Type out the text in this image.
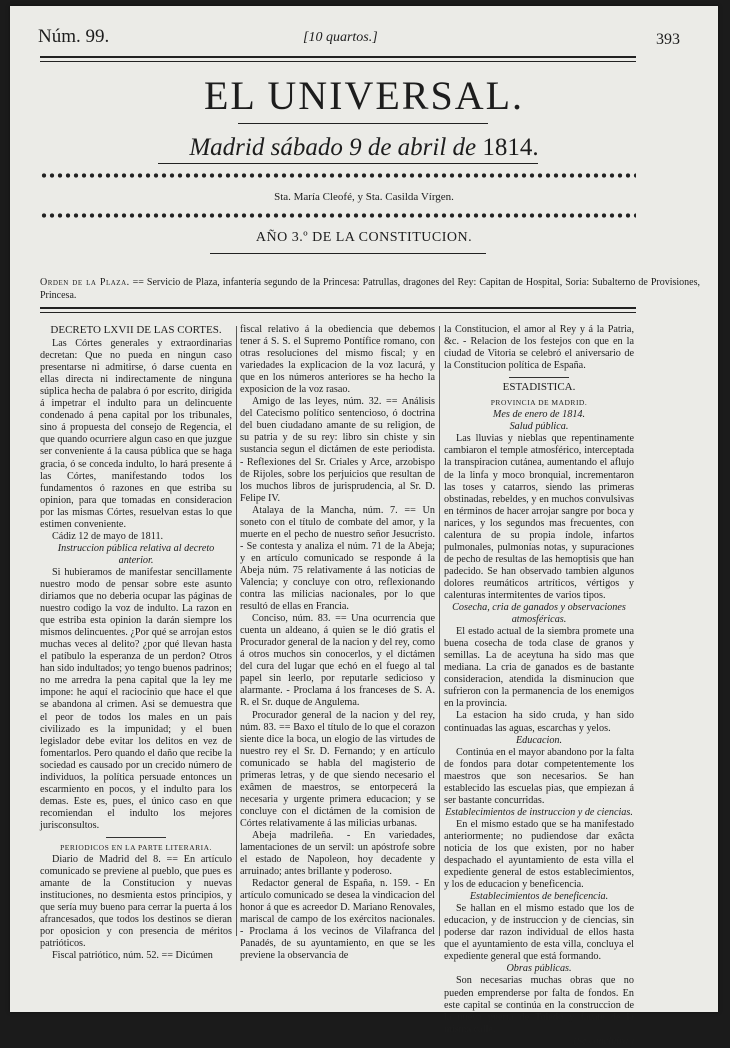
Núm. 99.	[10 quartos.]	393
EL UNIVERSAL.
Madrid sábado 9 de abril de 1814.
Sta. María Cleofé, y Sta. Casilda Vírgen.
AÑO 3.º DE LA CONSTITUCION.
Orden de la Plaza. == Servicio de Plaza, infantería segundo de la Princesa: Patrullas, dragones del Rey: Capitan de Hospital, Soria: Subalterno de Provisiones, Princesa.

DECRETO LXVII DE LAS CORTES.

Las Córtes generales y extraordinarias decretan: Que no pueda en ningun caso presentarse ni admitirse, ó darse cuenta en ellas directa ni indirectamente de ninguna súplica hecha de palabra ó por escrito, dirigida á impetrar el indulto para un delincuente condenado á pena capital por los tribunales, sino á propuesta del consejo de Regencia, el que quando ocurriere algun caso en que juzgue ser conveniente á la causa pública que se haga gracia, ó se conceda indulto, lo hará presente á las Córtes, manifestando todos los fundamentos ó razones en que estriba su opinion, para que tomadas en consideracion por las mismas Córtes, resuelvan estas lo que estimen conveniente.

Cádiz 12 de mayo de 1811.

Instruccion pública relativa al decreto anterior.

Si hubieramos de manifestar sencillamente nuestro modo de pensar sobre este asunto diriamos que no deberia ocupar las páginas de nuestro codigo la voz de indulto. La razon en que estriba esta opinion la darán siempre los mismos delincuentes. ¿Por qué se arrojan estos muchas veces al delito? ¿por qué llevan hasta el patíbulo la esperanza de un perdon? Otros han sido indultados; yo tengo buenos padrinos; no me arredra la pena capital que la ley me impone: he aquí el raciocinio que hace el que se abandona al crimen. Asi se demuestra que el peor de todos los males en un pais civilizado es la impunidad; y el buen legislador debe evitar los delitos en vez de fomentarlos. Pero quando el daño que recibe la sociedad es causado por un crecido número de individuos, la política persuade entonces un escarmiento en pocos, y el indulto para los demas. Este es, pues, el único caso en que recomiendan el indulto los mejores jurisconsultos.

PERIODICOS EN LA PARTE LITERARIA.

Diario de Madrid del 8. == En artículo comunicado se previene al pueblo, que pues es amante de la Constitucion y nuevas instituciones, no desmienta estos principios, y que sería muy bueno para cerrar la puerta á los afrancesados, que todos los destinos se dieran por oposicion y con presencia de méritos patrióticos.

Fiscal patriótico, núm. 52. == Dicúmen

fiscal relativo á la obediencia que debemos tener á S. S. el Supremo Pontífice romano, con otras resoluciones del mismo fiscal; y en variedades la explicacion de la voz lacurá, y que en los números anteriores se ha hecho la exposicion de la voz rasao.

Amigo de las leyes, núm. 32. == Análisis del Catecismo político sentencioso, ó doctrina del buen ciudadano amante de su religion, de su patria y de su rey: libro sin chiste y sin sustancia segun el dictámen de este periodista. - Reflexiones del Sr. Criales y Arce, arzobispo de Rijoles, sobre los perjuicios que resultan de los muchos libros de jurisprudencia, al Sr. D. Felipe IV.

Atalaya de la Mancha, núm. 7. == Un soneto con el título de combate del amor, y la muerte en el pecho de nuestro señor Jesucristo. - Se contesta y analiza el núm. 71 de la Abeja; y en artículo comunicado se responde á la Abeja núm. 75 relativamente á las noticias de Valencia; y concluye con otro, reflexionando contra las milicias nacionales, por lo que resultó de ellas en Francia.

Conciso, núm. 83. == Una ocurrencia que cuenta un aldeano, á quien se le dió gratis el Procurador general de la nacion y del rey, como á otros muchos sin conocerlos, y el dictámen del cura del lugar que echó en el fuego al tal papel sin leerlo, por reputarle sedicioso y alarmante. - Proclama á los franceses de S. A. R. el Sr. duque de Angulema.

Procurador general de la nacion y del rey, núm. 83. == Baxo el título de lo que el corazon siente dice la boca, un elogio de las virtudes de nuestro rey el Sr. D. Fernando; y en artículo comunicado se habla del magisterio de primeras letras, y de que siendo necesario el exâmen de maestros, se entorpecerá la necesaria y urgente primera educacion; y se concluye con el dictámen de la comision de Córtes relativamente á las milicias urbanas.

Abeja madrileña. - En variedades, lamentaciones de un servil: un apóstrofe sobre el estado de Napoleon, hoy decadente y arruinado; antes brillante y poderoso.

Redactor general de España, n. 159. - En artículo comunicado se desea la vindicacion del honor á que es acreedor D. Mariano Renovales, mariscal de campo de los exércitos nacionales. - Proclama á los vecinos de Vilafranca del Panadés, de su ayuntamiento, en que se les previene la observancia de

la Constitucion, el amor al Rey y á la Patria, &c. - Relacion de los festejos con que en la ciudad de Vitoria se celebró el aniversario de la Constitucion política de España.

ESTADISTICA.

PROVINCIA DE MADRID.

Mes de enero de 1814.

Salud pública.

Las lluvias y nieblas que repentinamente cambiaron el temple atmosférico, interceptada la transpiracion cutánea, aumentando el aflujo de la linfa y moco bronquial, incrementaron las toses y catarros, siendo las primeras obstinadas, rebeldes, y en muchos convulsivas en términos de hacer arrojar sangre por boca y narices, y los segundos mas frecuentes, con calentura de su propia índole, infartos pulmonales, pulmonías notas, y supuraciones de pecho de resultas de las hemoptisis que han padecido. Se han observado tambien algunos dolores reumáticos artríticos, vértigos y calenturas intermitentes de varios tipos.

Cosecha, cria de ganados y observaciones atmosféricas.

El estado actual de la siembra promete una buena cosecha de toda clase de granos y semillas. La de aceytuna ha sido mas que mediana. La cria de ganados es de bastante consideracion, atendida la disminucion que sufrieron con la permanencia de los enemigos en la provincia.

La estacion ha sido cruda, y han sido continuadas las aguas, escarchas y yelos.

Educacion.

Continúa en el mayor abandono por la falta de fondos para dotar competentemente los maestros que son necesarios. Se han establecido las escuelas pias, que empiezan á ser bastante concurridas.

Establecimientos de instruccion y de ciencias.

En el mismo estado que se ha manifestado anteriormente; no pudiendose dar exâcta noticia de los que existen, por no haber despachado el ayuntamiento de esta villa el expediente general de estos establecimientos, y los de educacion y beneficencia.

Establecimientos de beneficencia.

Se hallan en el mismo estado que los de educacion, y de instruccion y de ciencias, sin poderse dar razon individual de ellos hasta que el ayuntamiento de esta villa, concluya el expediente general que está formando.

Obras públicas.

Son necesarias muchas obras que no pueden emprenderse por falta de fondos. En este capital se continúa en la construccion de la nueva puerta de Toledo y facate de la misma calle.

(Se concluirá.)
